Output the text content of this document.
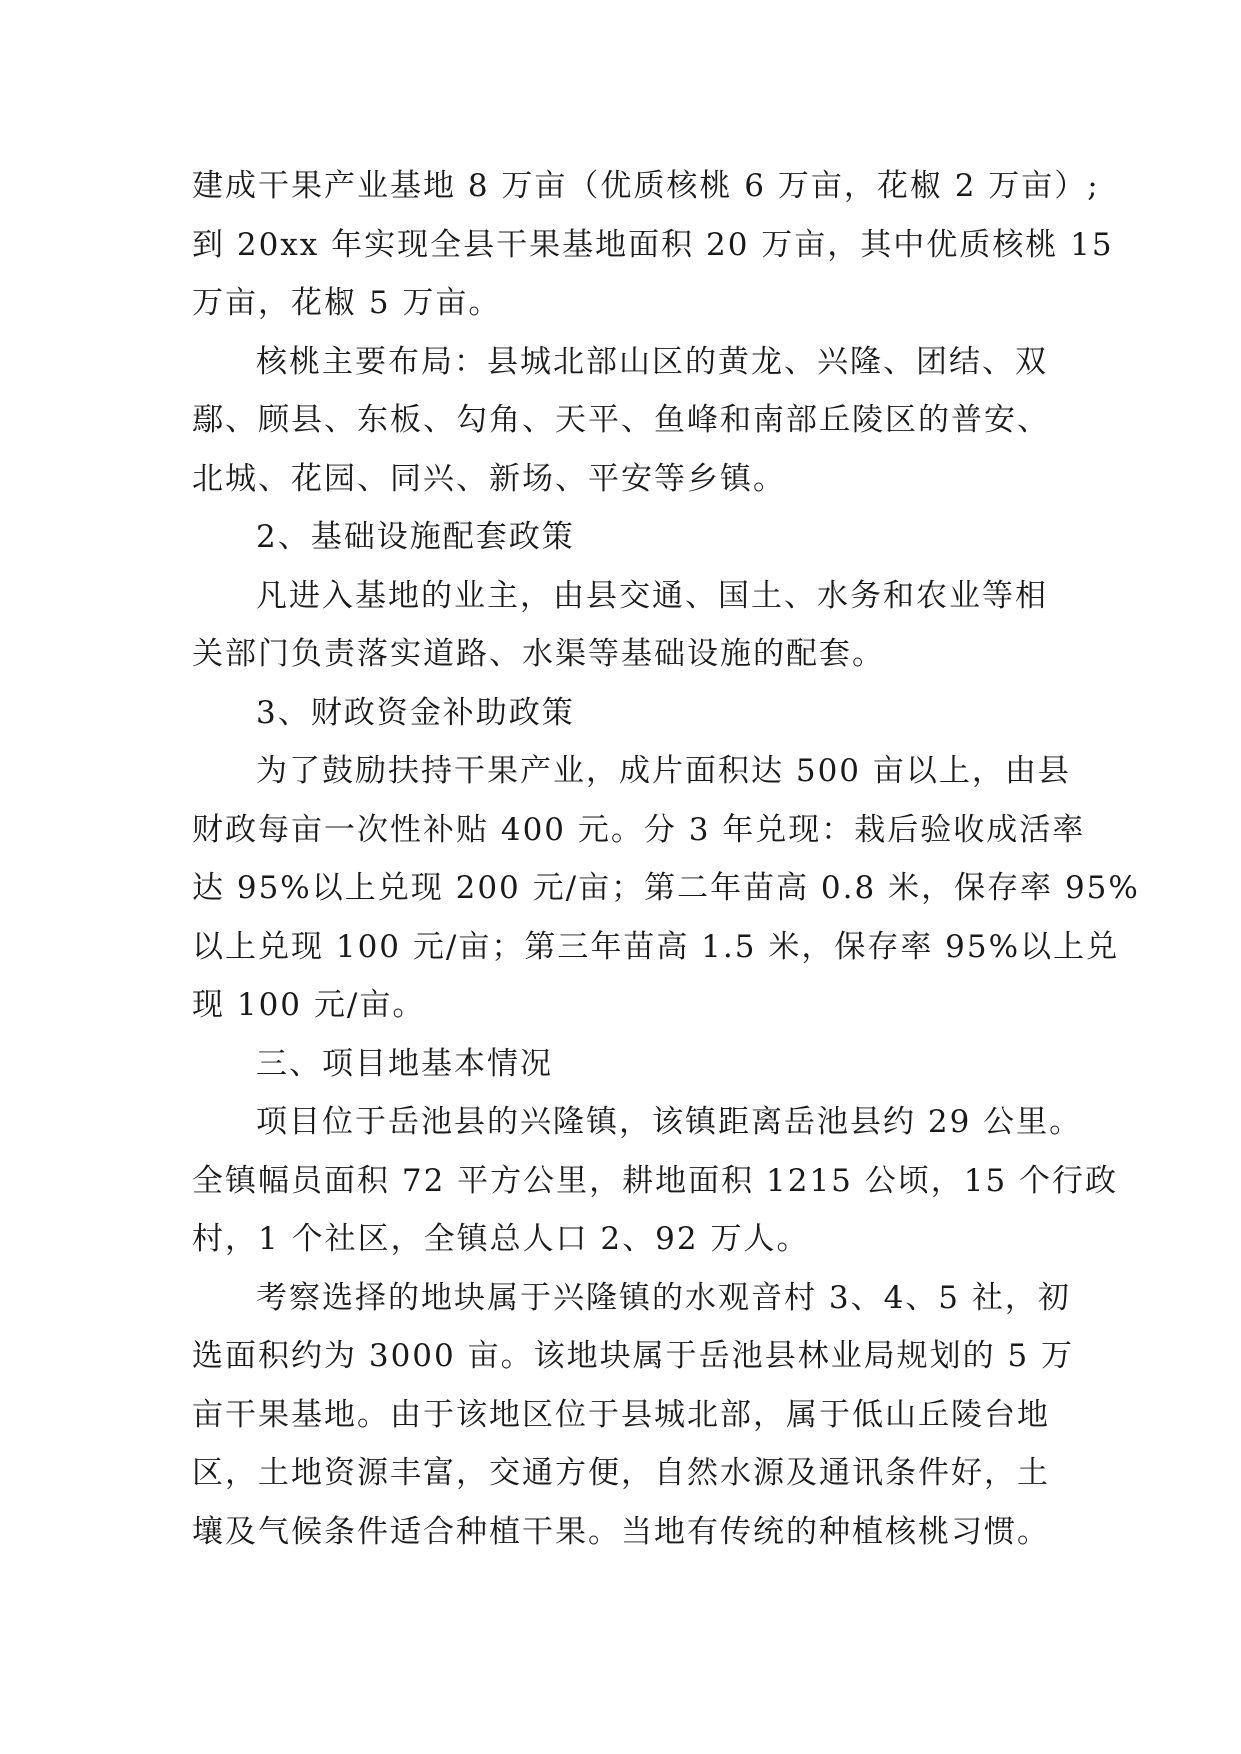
建成干果产业基地 8 万亩（优质核桃 6 万亩，花椒 2 万亩）;
到 20xx 年实现全县干果基地面积 20 万亩，其中优质核桃 15
万亩，花椒 5 万亩。

核桃主要布局：县城北部山区的黄龙、兴隆、团结、双
鄢、顾县、东板、勾角、天平、鱼峰和南部丘陵区的普安、
北城、花园、同兴、新场、平安等乡镇。

2、基础设施配套政策

凡进入基地的业主，由县交通、国土、水务和农业等相
关部门负责落实道路、水渠等基础设施的配套。

3、财政资金补助政策

为了鼓励扶持干果产业，成片面积达 500 亩以上，由县
财政每亩一次性补贴 400 元。分 3 年兑现：栽后验收成活率
达 95%以上兑现 200 元/亩；第二年苗高 0.8 米，保存率 95%
以上兑现 100 元/亩；第三年苗高 1.5 米，保存率 95%以上兑
现 100 元/亩。

三、项目地基本情况

项目位于岳池县的兴隆镇，该镇距离岳池县约 29 公里。
全镇幅员面积 72 平方公里，耕地面积 1215 公顷，15 个行政
村，1 个社区，全镇总人口 2、92 万人。

考察选择的地块属于兴隆镇的水观音村 3、4、5 社，初
选面积约为 3000 亩。该地块属于岳池县林业局规划的 5 万
亩干果基地。由于该地区位于县城北部，属于低山丘陵台地
区，土地资源丰富，交通方便，自然水源及通讯条件好，土
壤及气候条件适合种植干果。当地有传统的种植核桃习惯。
